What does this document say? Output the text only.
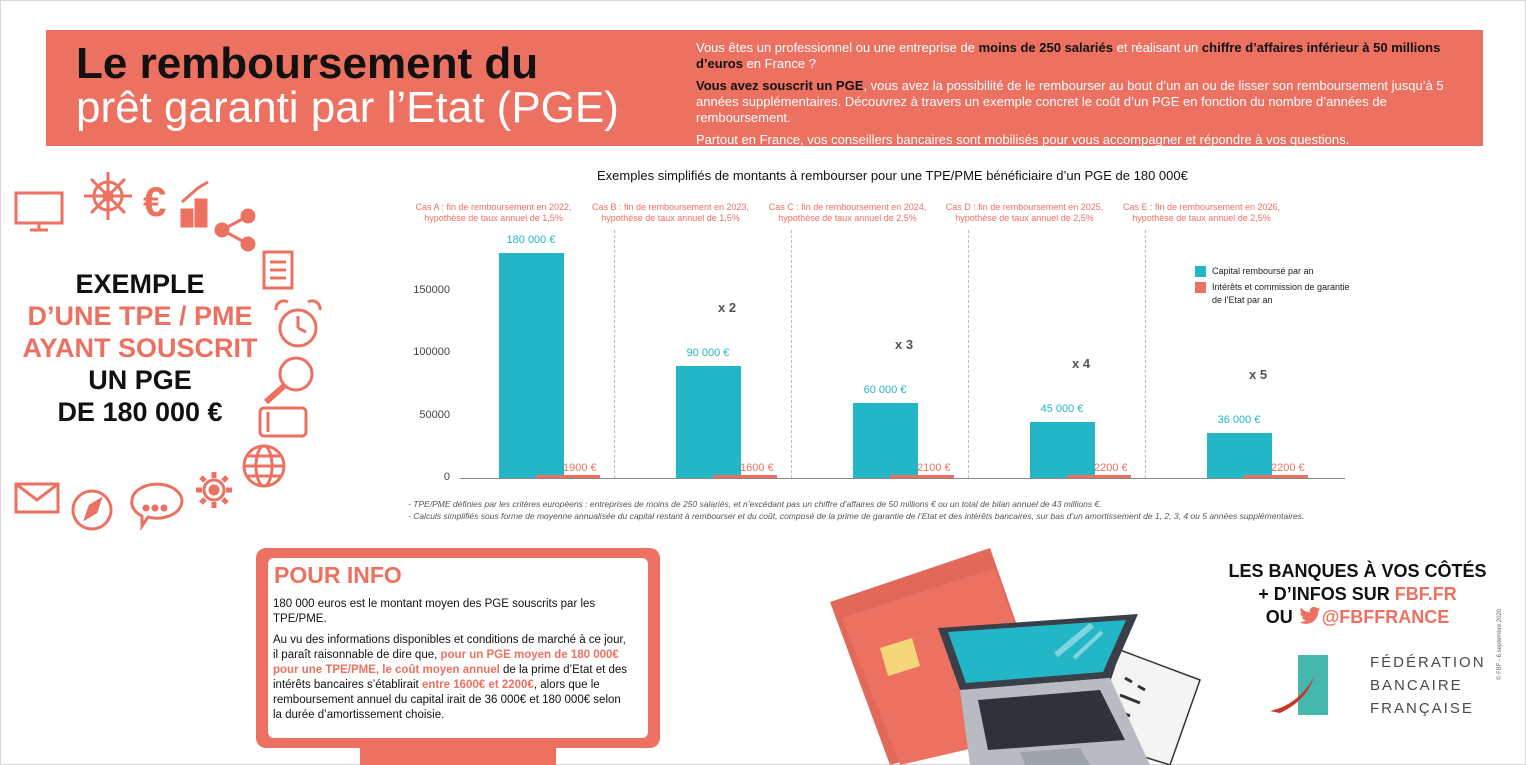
Le remboursement du
prêt garanti par l’Etat (PGE)

Vous êtes un professionnel ou une entreprise de moins de 250 salariés et réalisant un chiffre d’affaires inférieur à 50 millions d’euros en France ?

Vous avez souscrit un PGE, vous avez la possibilité de le rembourser au bout d’un an ou de lisser son remboursement jusqu’à 5 années supplémentaires. Découvrez à travers un exemple concret le coût d’un PGE en fonction du nombre d’années de remboursement.

Partout en France, vos conseillers bancaires sont mobilisés pour vous accompagner et répondre à vos questions.

€
EXEMPLE
D’UNE TPE / PME
AYANT SOUSCRIT
UN PGE
DE 180 000 €
Exemples simplifiés de montants à rembourser pour une TPE/PME bénéficiaire d’un PGE de 180 000€
0
50000
100000
150000
Cas A : fin de remboursement en 2022,
hypothèse de taux annuel de 1,5%
180 000 €
1900 €
Cas B : fin de remboursement en 2023,
hypothèse de taux annuel de 1,5%
90 000 €
1600 €
x 2
Cas C : fin de remboursement en 2024,
hypothèse de taux annuel de 2,5%
60 000 €
2100 €
x 3
Cas D : fin de remboursement en 2025,
hypothèse de taux annuel de 2,5%
45 000 €
2200 €
x 4
Cas E : fin de remboursement en 2026,
hypothèse de taux annuel de 2,5%
36 000 €
2200 €
x 5
Capital remboursé par an
Intérêts et commission de garantie
de l’Etat par an
- TPE/PME définies par les critères européens : entreprises de moins de 250 salariés, et n’excédant pas un chiffre d’affaires de 50 millions € ou un total de bilan annuel de 43 millions €.
- Calculs simplifiés sous forme de moyenne annualisée du capital restant à rembourser et du coût, composé de la prime de garantie de l’Etat et des intérêts bancaires, sur bas d’un amortissement de 1, 2, 3, 4 ou 5 années supplémentaires.
POUR INFO

180 000 euros est le montant moyen des PGE souscrits par les TPE/PME.

Au vu des informations disponibles et conditions de marché à ce jour, il paraît raisonnable de dire que, pour un PGE moyen de 180 000€ pour une TPE/PME, le coût moyen annuel de la prime d’Etat et des intérêts bancaires s’établirait entre 1600€ et 2200€, alors que le remboursement annuel du capital irait de 36 000€ et 180 000€ selon la durée d’amortissement choisie.

LES BANQUES À VOS CÔTÉS
+ D’INFOS SUR FBF.FR
OU @FBFFRANCE
FÉDÉRATION
BANCAIRE
FRANÇAISE
© FBF - 6 septembre 2020
